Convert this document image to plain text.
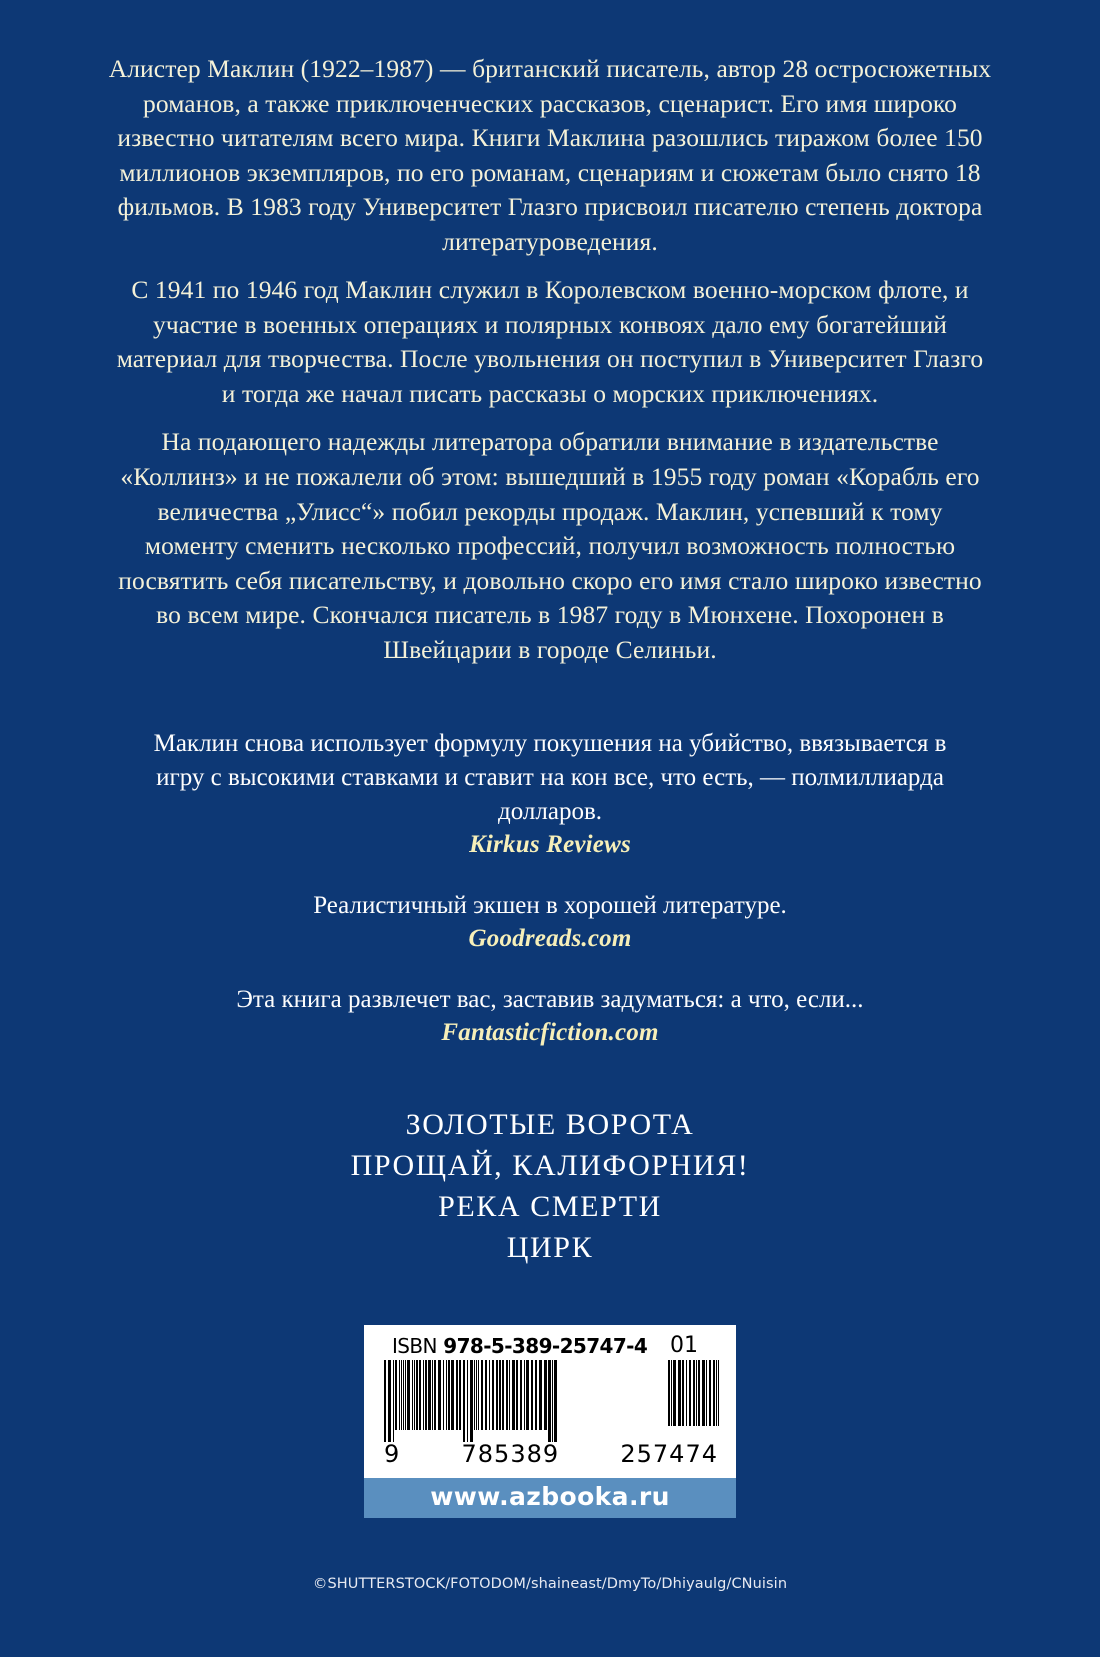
Алистер Маклин (1922–1987) — британский писатель, автор 28 остросюжетных романов, а также приключенческих рассказов, сценарист. Его имя широко известно читателям всего мира. Книги Маклина разошлись тиражом более 150 миллионов экземпляров, по его романам, сценариям и сюжетам было снято 18 фильмов. В 1983 году Университет Глазго присвоил писателю степень доктора литературоведения.

С 1941 по 1946 год Маклин служил в Королевском военно-морском флоте, и участие в военных операциях и полярных конвоях дало ему богатейший материал для творчества. После увольнения он поступил в Университет Глазго и тогда же начал писать рассказы о морских приключениях.

На подающего надежды литератора обратили внимание в издательстве «Коллинз» и не пожалели об этом: вышедший в 1955 году роман «Корабль его величества „Улисс“» побил рекорды продаж. Маклин, успевший к тому моменту сменить несколько профессий, получил возможность полностью посвятить себя писательству, и довольно скоро его имя стало широко известно во всем мире. Скончался писатель в 1987 году в Мюнхене. Похоронен в Швейцарии в городе Селиньи.

Маклин снова использует формулу покушения на убийство, ввязывается в игру с высокими ставками и ставит на кон все, что есть, — полмиллиарда долларов.

Kirkus Reviews

Реалистичный экшен в хорошей литературе.

Goodreads.com

Эта книга развлечет вас, заставив задуматься: а что, если...

Fantasticfiction.com

ЗОЛОТЫЕ ВОРОТА
ПРОЩАЙ, КАЛИФОРНИЯ!
РЕКА СМЕРТИ
ЦИРК
ISBN 978-5-389-25747-4 01
9	785389	257474
www.azbooka.ru
©SHUTTERSTOCK/FOTODOM/shaineast/DmyTo/Dhiyaulg/CNuisin
